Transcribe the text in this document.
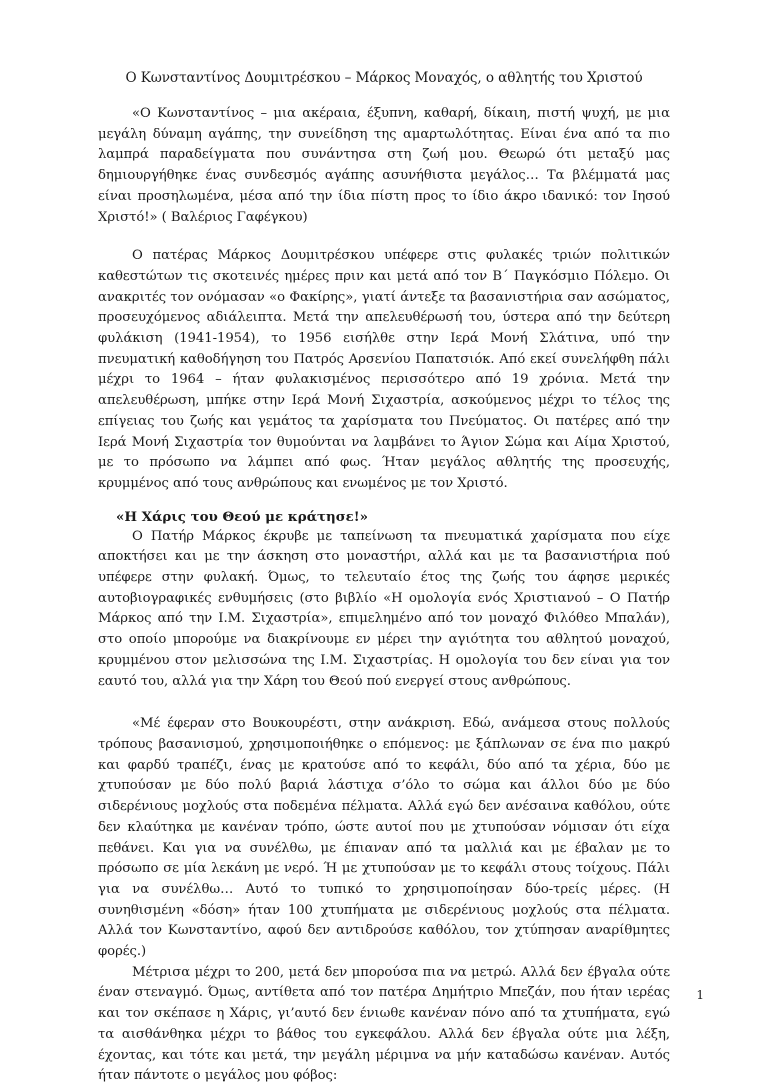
Ο Κωνσταντίνος Δουμιτρέσκου – Μάρκος Μοναχός, ο αθλητής του Χριστού

«Ο Κωνσταντίνος – μια ακέραια, έξυπνη, καθαρή, δίκαιη, πιστή ψυχή, με μια μεγάλη δύναμη αγάπης, την συνείδηση της αμαρτωλότητας. Είναι ένα από τα πιο λαμπρά παραδείγματα που συνάντησα στη ζωή μου. Θεωρώ ότι μεταξύ μας δημιουργήθηκε ένας συνδεσμός αγάπης ασυνήθιστα μεγάλος… Τα βλέμματά μας είναι προσηλωμένα, μέσα από την ίδια πίστη προς το ίδιο άκρο ιδανικό: τον Ιησού Χριστό!» ( Βαλέριος Γαφέγκου)

Ο πατέρας Μάρκος Δουμιτρέσκου υπέφερε στις φυλακές τριών πολιτικών καθεστώτων τις σκοτεινές ημέρες πριν και μετά από τον Β΄ Παγκόσμιο Πόλεμο. Οι ανακριτές τον ονόμασαν «ο Φακίρης», γιατί άντεξε τα βασανιστήρια σαν ασώματος, προσευχόμενος αδιάλειπτα. Μετά την απελευθέρωσή του, ύστερα από την δεύτερη φυλάκιση (1941-1954), το 1956 εισήλθε στην Ιερά Μονή Σλάτινα, υπό την πνευματική καθοδήγηση του Πατρός Αρσενίου Παπατσιόκ. Από εκεί συνελήφθη πάλι μέχρι το 1964 – ήταν φυλακισμένος περισσότερο από 19 χρόνια. Μετά την απελευθέρωση, μπήκε στην Ιερά Μονή Σιχαστρία, ασκούμενος μέχρι το τέλος της επίγειας του ζωής και γεμάτος τα χαρίσματα του Πνεύματος. Οι πατέρες από την Ιερά Μονή Σιχαστρία τον θυμούνται να λαμβάνει το Άγιον Σώμα και Αίμα Χριστού, με το πρόσωπο να λάμπει από φως. Ήταν μεγάλος αθλητής της προσευχής, κρυμμένος από τους ανθρώπους και ενωμένος με τον Χριστό.

«Η Χάρις του Θεού με κράτησε!»

Ο Πατήρ Μάρκος έκρυβε με ταπείνωση τα πνευματικά χαρίσματα που είχε αποκτήσει και με την άσκηση στο μοναστήρι, αλλά και με τα βασανιστήρια πού υπέφερε στην φυλακή. Όμως, το τελευταίο έτος της ζωής του άφησε μερικές αυτοβιογραφικές ενθυμήσεις (στο βιβλίο «Η ομολογία ενός Χριστιανού – Ο Πατήρ Μάρκος από την Ι.Μ. Σιχαστρία», επιμελημένο από τον μοναχό Φιλόθεο Μπαλάν), στο οποίο μπορούμε να διακρίνουμε εν μέρει την αγιότητα του αθλητού μοναχού, κρυμμένου στον μελισσώνα της Ι.Μ. Σιχαστρίας. Η ομολογία του δεν είναι για τον εαυτό του, αλλά για την Χάρη του Θεού πού ενεργεί στους ανθρώπους.

«Μέ έφεραν στο Βουκουρέστι, στην ανάκριση. Εδώ, ανάμεσα στους πολλούς τρόπους βασανισμού, χρησιμοποιήθηκε ο επόμενος: με ξάπλωναν σε ένα πιο μακρύ και φαρδύ τραπέζι, ένας με κρατούσε από το κεφάλι, δύο από τα χέρια, δύο με χτυπούσαν με δύο πολύ βαριά λάστιχα σ’όλο το σώμα και άλλοι δύο με δύο σιδερένιους μοχλούς στα ποδεμένα πέλματα. Αλλά εγώ δεν ανέσαινα καθόλου, ούτε δεν κλαύτηκα με κανέναν τρόπο, ώστε αυτοί που με χτυπούσαν νόμισαν ότι είχα πεθάνει. Και για να συνέλθω, με έπιαναν από τα μαλλιά και με έβαλαν με το πρόσωπο σε μία λεκάνη με νερό. Ή με χτυπούσαν με το κεφάλι στους τοίχους. Πάλι για να συνέλθω… Αυτό το τυπικό το χρησιμοποίησαν δύο-τρείς μέρες. (Η συνηθισμένη «δόση» ήταν 100 χτυπήματα με σιδερένιους μοχλούς στα πέλματα. Αλλά τον Κωνσταντίνο, αφού δεν αντιδρούσε καθόλου, τον χτύπησαν αναρίθμητες φορές.)

Μέτρισα μέχρι το 200, μετά δεν μπορούσα πια να μετρώ. Αλλά δεν έβγαλα ούτε έναν στεναγμό. Όμως, αντίθετα από τον πατέρα Δημήτριο Μπεζάν, που ήταν ιερέας και τον σκέπασε η Χάρις, γι’αυτό δεν ένιωθε κανέναν πόνο από τα χτυπήματα, εγώ τα αισθάνθηκα μέχρι το βάθος του εγκεφάλου. Αλλά δεν έβγαλα ούτε μια λέξη, έχοντας, και τότε και μετά, την μεγάλη μέριμνα να μήν καταδώσω κανέναν. Αυτός ήταν πάντοτε ο μεγάλος μου φόβος:

1
